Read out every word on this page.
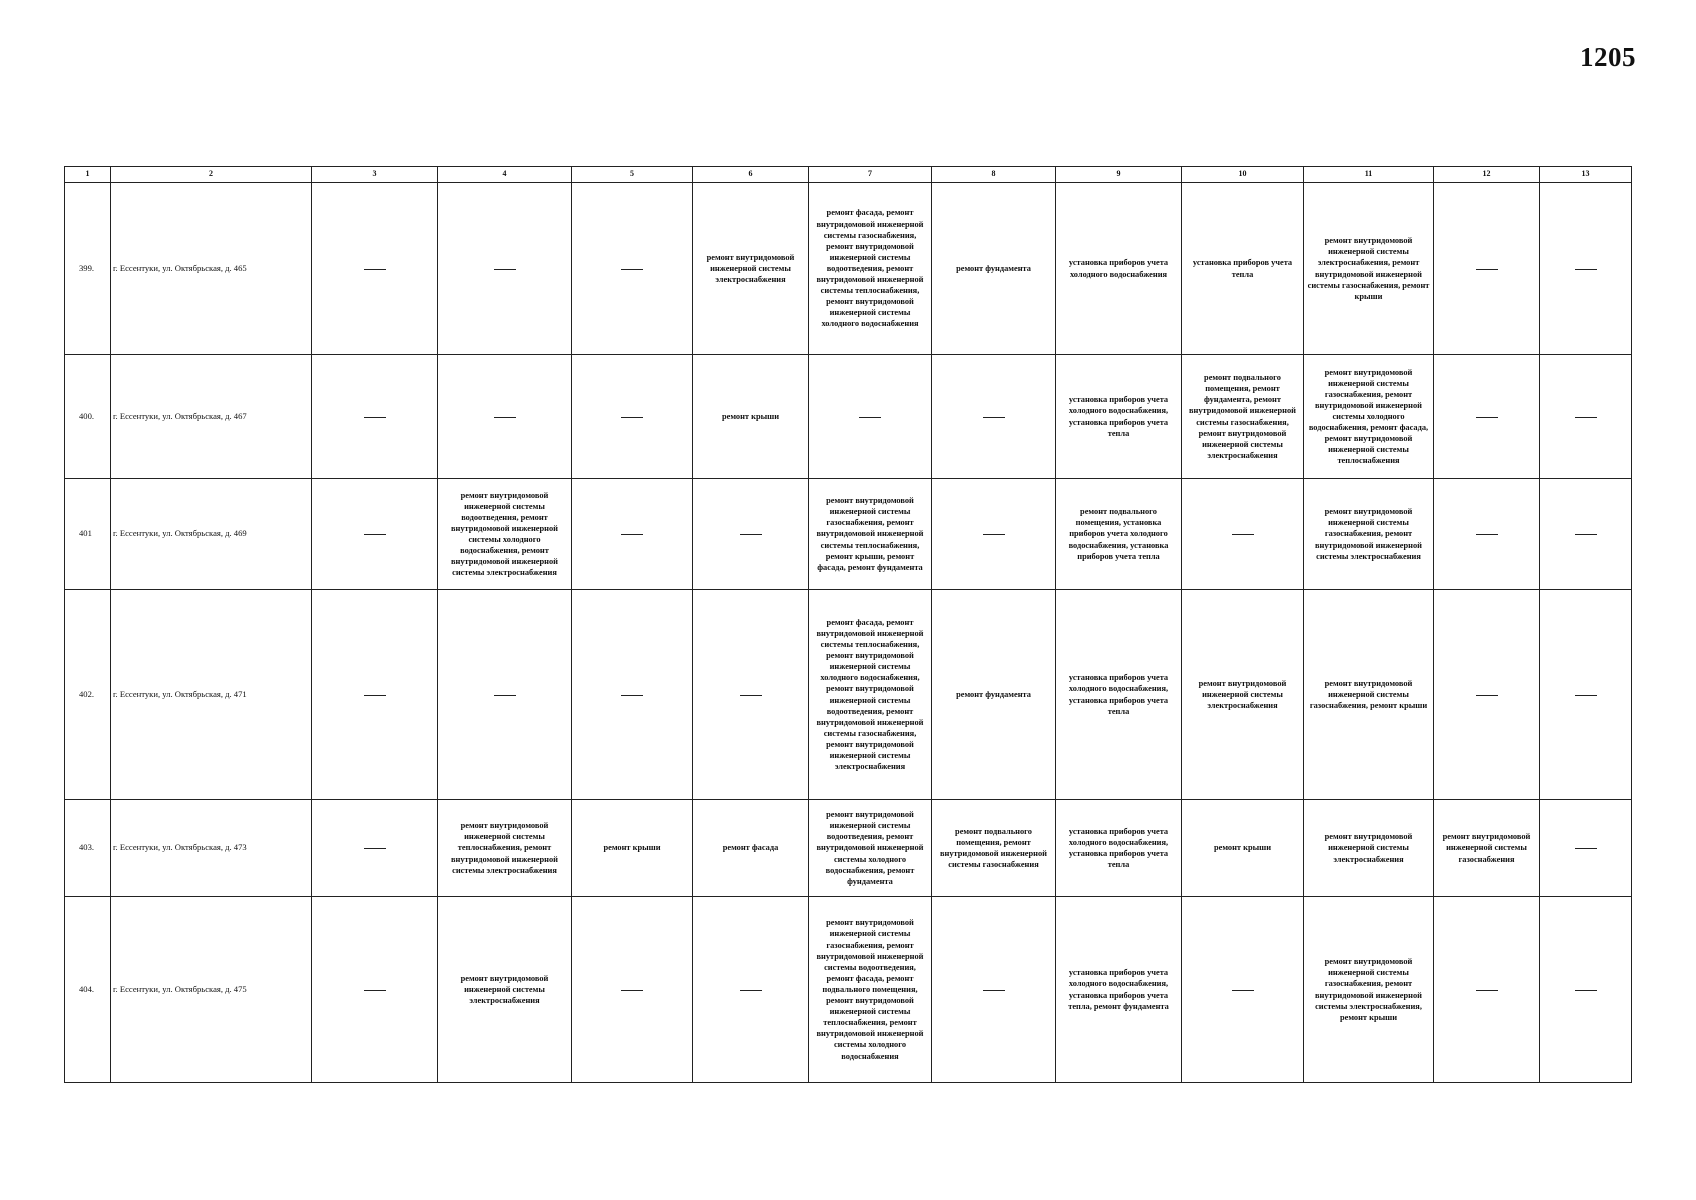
1205
1	2	3	4	5	6	7	8	9	10	11	12	13
399.	г. Ессентуки, ул. Октябрьская, д. 465				ремонт внутридомовой инженерной системы электроснабжения	ремонт фасада, ремонт внутридомовой инженерной системы газоснабжения, ремонт внутридомовой инженерной системы водоотведения, ремонт внутридомовой инженерной системы теплоснабжения, ремонт внутридомовой инженерной системы холодного водоснабжения	ремонт фундамента	установка приборов учета холодного водоснабжения	установка приборов учета тепла	ремонт внутридомовой инженерной системы электроснабжения, ремонт внутридомовой инженерной системы газоснабжения, ремонт крыши		
400.	г. Ессентуки, ул. Октябрьская, д. 467				ремонт крыши			установка приборов учета холодного водоснабжения, установка приборов учета тепла	ремонт подвального помещения, ремонт фундамента, ремонт внутридомовой инженерной системы газоснабжения, ремонт внутридомовой инженерной системы электроснабжения	ремонт внутридомовой инженерной системы газоснабжения, ремонт внутридомовой инженерной системы холодного водоснабжения, ремонт фасада, ремонт внутридомовой инженерной системы теплоснабжения		
401	г. Ессентуки, ул. Октябрьская, д. 469		ремонт внутридомовой инженерной системы водоотведения, ремонт внутридомовой инженерной системы холодного водоснабжения, ремонт внутридомовой инженерной системы электроснабжения			ремонт внутридомовой инженерной системы газоснабжения, ремонт внутридомовой инженерной системы теплоснабжения, ремонт крыши, ремонт фасада, ремонт фундамента		ремонт подвального помещения, установка приборов учета холодного водоснабжения, установка приборов учета тепла		ремонт внутридомовой инженерной системы газоснабжения, ремонт внутридомовой инженерной системы электроснабжения		
402.	г. Ессентуки, ул. Октябрьская, д. 471					ремонт фасада, ремонт внутридомовой инженерной системы теплоснабжения, ремонт внутридомовой инженерной системы холодного водоснабжения, ремонт внутридомовой инженерной системы водоотведения, ремонт внутридомовой инженерной системы газоснабжения, ремонт внутридомовой инженерной системы электроснабжения	ремонт фундамента	установка приборов учета холодного водоснабжения, установка приборов учета тепла	ремонт внутридомовой инженерной системы электроснабжения	ремонт внутридомовой инженерной системы газоснабжения, ремонт крыши		
403.	г. Ессентуки, ул. Октябрьская, д. 473		ремонт внутридомовой инженерной системы теплоснабжения, ремонт внутридомовой инженерной системы электроснабжения	ремонт крыши	ремонт фасада	ремонт внутридомовой инженерной системы водоотведения, ремонт внутридомовой инженерной системы холодного водоснабжения, ремонт фундамента	ремонт подвального помещения, ремонт внутридомовой инженерной системы газоснабжения	установка приборов учета холодного водоснабжения, установка приборов учета тепла	ремонт крыши	ремонт внутридомовой инженерной системы электроснабжения	ремонт внутридомовой инженерной системы газоснабжения	
404.	г. Ессентуки, ул. Октябрьская, д. 475		ремонт внутридомовой инженерной системы электроснабжения			ремонт внутридомовой инженерной системы газоснабжения, ремонт внутридомовой инженерной системы водоотведения, ремонт фасада, ремонт подвального помещения, ремонт внутридомовой инженерной системы теплоснабжения, ремонт внутридомовой инженерной системы холодного водоснабжения		установка приборов учета холодного водоснабжения, установка приборов учета тепла, ремонт фундамента		ремонт внутридомовой инженерной системы газоснабжения, ремонт внутридомовой инженерной системы электроснабжения, ремонт крыши		
